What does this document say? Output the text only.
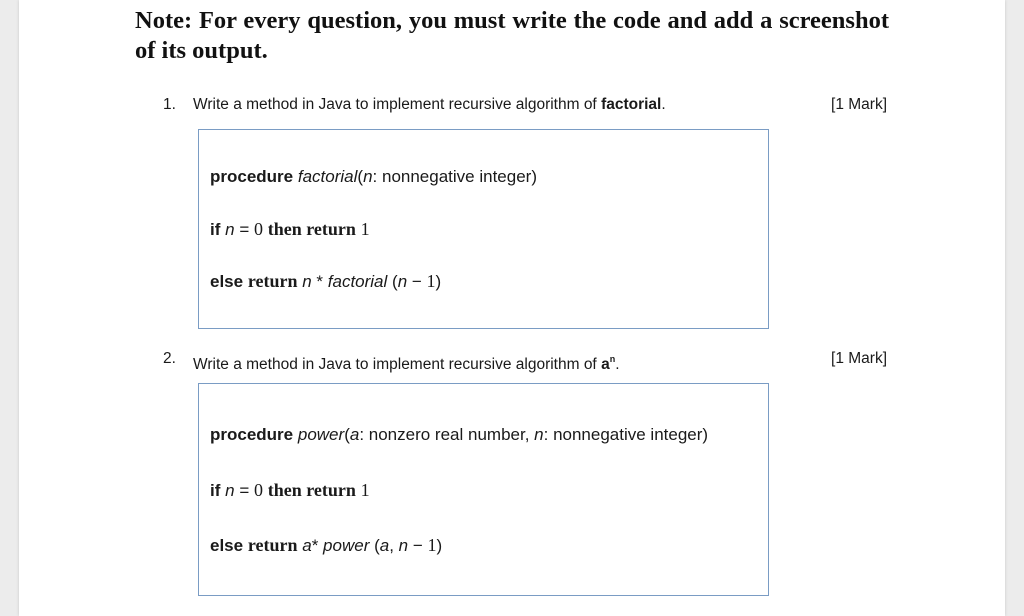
Note: For every question, you must write the code and add a screenshot of its output.

1. Write a method in Java to implement recursive algorithm of factorial.	[1 Mark]
procedure factorial(n: nonnegative integer)
if n = 0 then return 1
else return n * factorial (n − 1)
2. Write a method in Java to implement recursive algorithm of $a^n$.	[1 Mark]
procedure power(a: nonzero real number, n: nonnegative integer)
if n = 0 then return 1
else return a* power (a, n − 1)
